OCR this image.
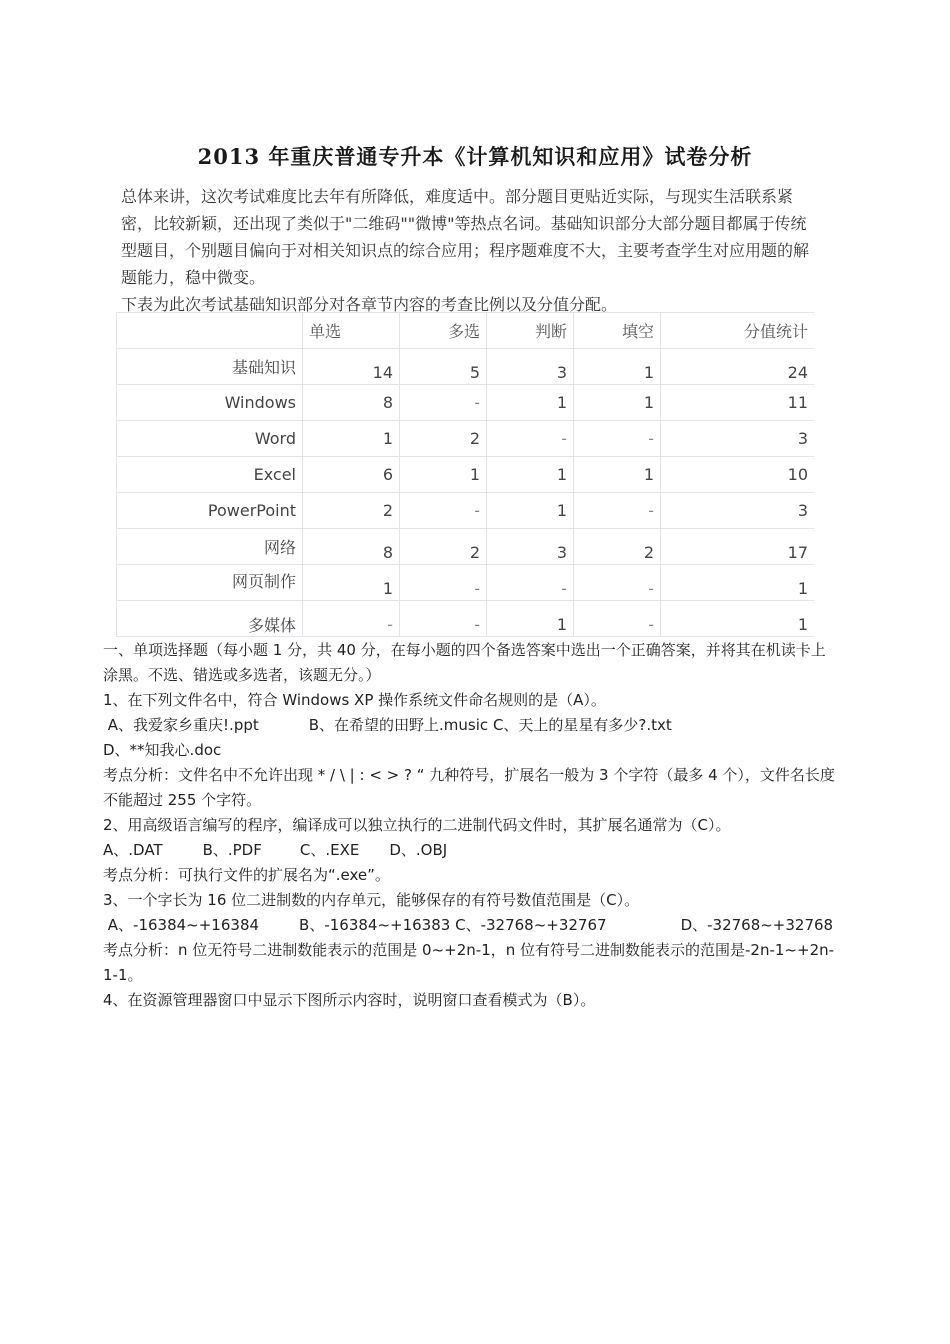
2013 年重庆普通专升本《计算机知识和应用》试卷分析

总体来讲，这次考试难度比去年有所降低，难度适中。部分题目更贴近实际，与现实生活联系紧密，比较新颖，还出现了类似于"二维码""微博"等热点名词。基础知识部分大部分题目都属于传统型题目，个别题目偏向于对相关知识点的综合应用；程序题难度不大，主要考查学生对应用题的解题能力，稳中微变。

下表为此次考试基础知识部分对各章节内容的考查比例以及分值分配。

	单选	多选	判断	填空	分值统计
基础知识	14	5	3	1	24
Windows	8	-	1	1	11
Word	1	2	-	-	3
Excel	6	1	1	1	10
PowerPoint	2	-	1	-	3
网络	8	2	3	2	17
网页制作	1	-	-	-	1
多媒体	-	-	1	-	1

一、单项选择题（每小题 1 分，共 40 分，在每小题的四个备选答案中选出一个正确答案，并将其在机读卡上涂黑。不选、错选或多选者，该题无分。）

1、在下列文件名中，符合 Windows XP 操作系统文件命名规则的是（A）。

A、我爱家乡重庆!.ppt	B、在希望的田野上.music C、天上的星星有多少?.txtD、**知我心.doc

考点分析：文件名中不允许出现 * / \ | : < > ? “ 九种符号，扩展名一般为 3 个字符（最多 4 个），文件名长度不能超过 255 个字符。

2、用高级语言编写的程序，编译成可以独立执行的二进制代码文件时，其扩展名通常为（C）。

A、.DAT	B、.PDF	C、.EXE D、.OBJ

考点分析：可执行文件的扩展名为“.exe”。

3、一个字长为 16 位二进制数的内存单元，能够保存的有符号数值范围是（C）。

A、-16384~+16384	B、-16384~+16383 C、-32768~+32767	D、-32768~+32768

考点分析：n 位无符号二进制数能表示的范围是 0~+2n-1，n 位有符号二进制数能表示的范围是-2n-1~+2n-1-1。

4、在资源管理器窗口中显示下图所示内容时，说明窗口查看模式为（B）。
